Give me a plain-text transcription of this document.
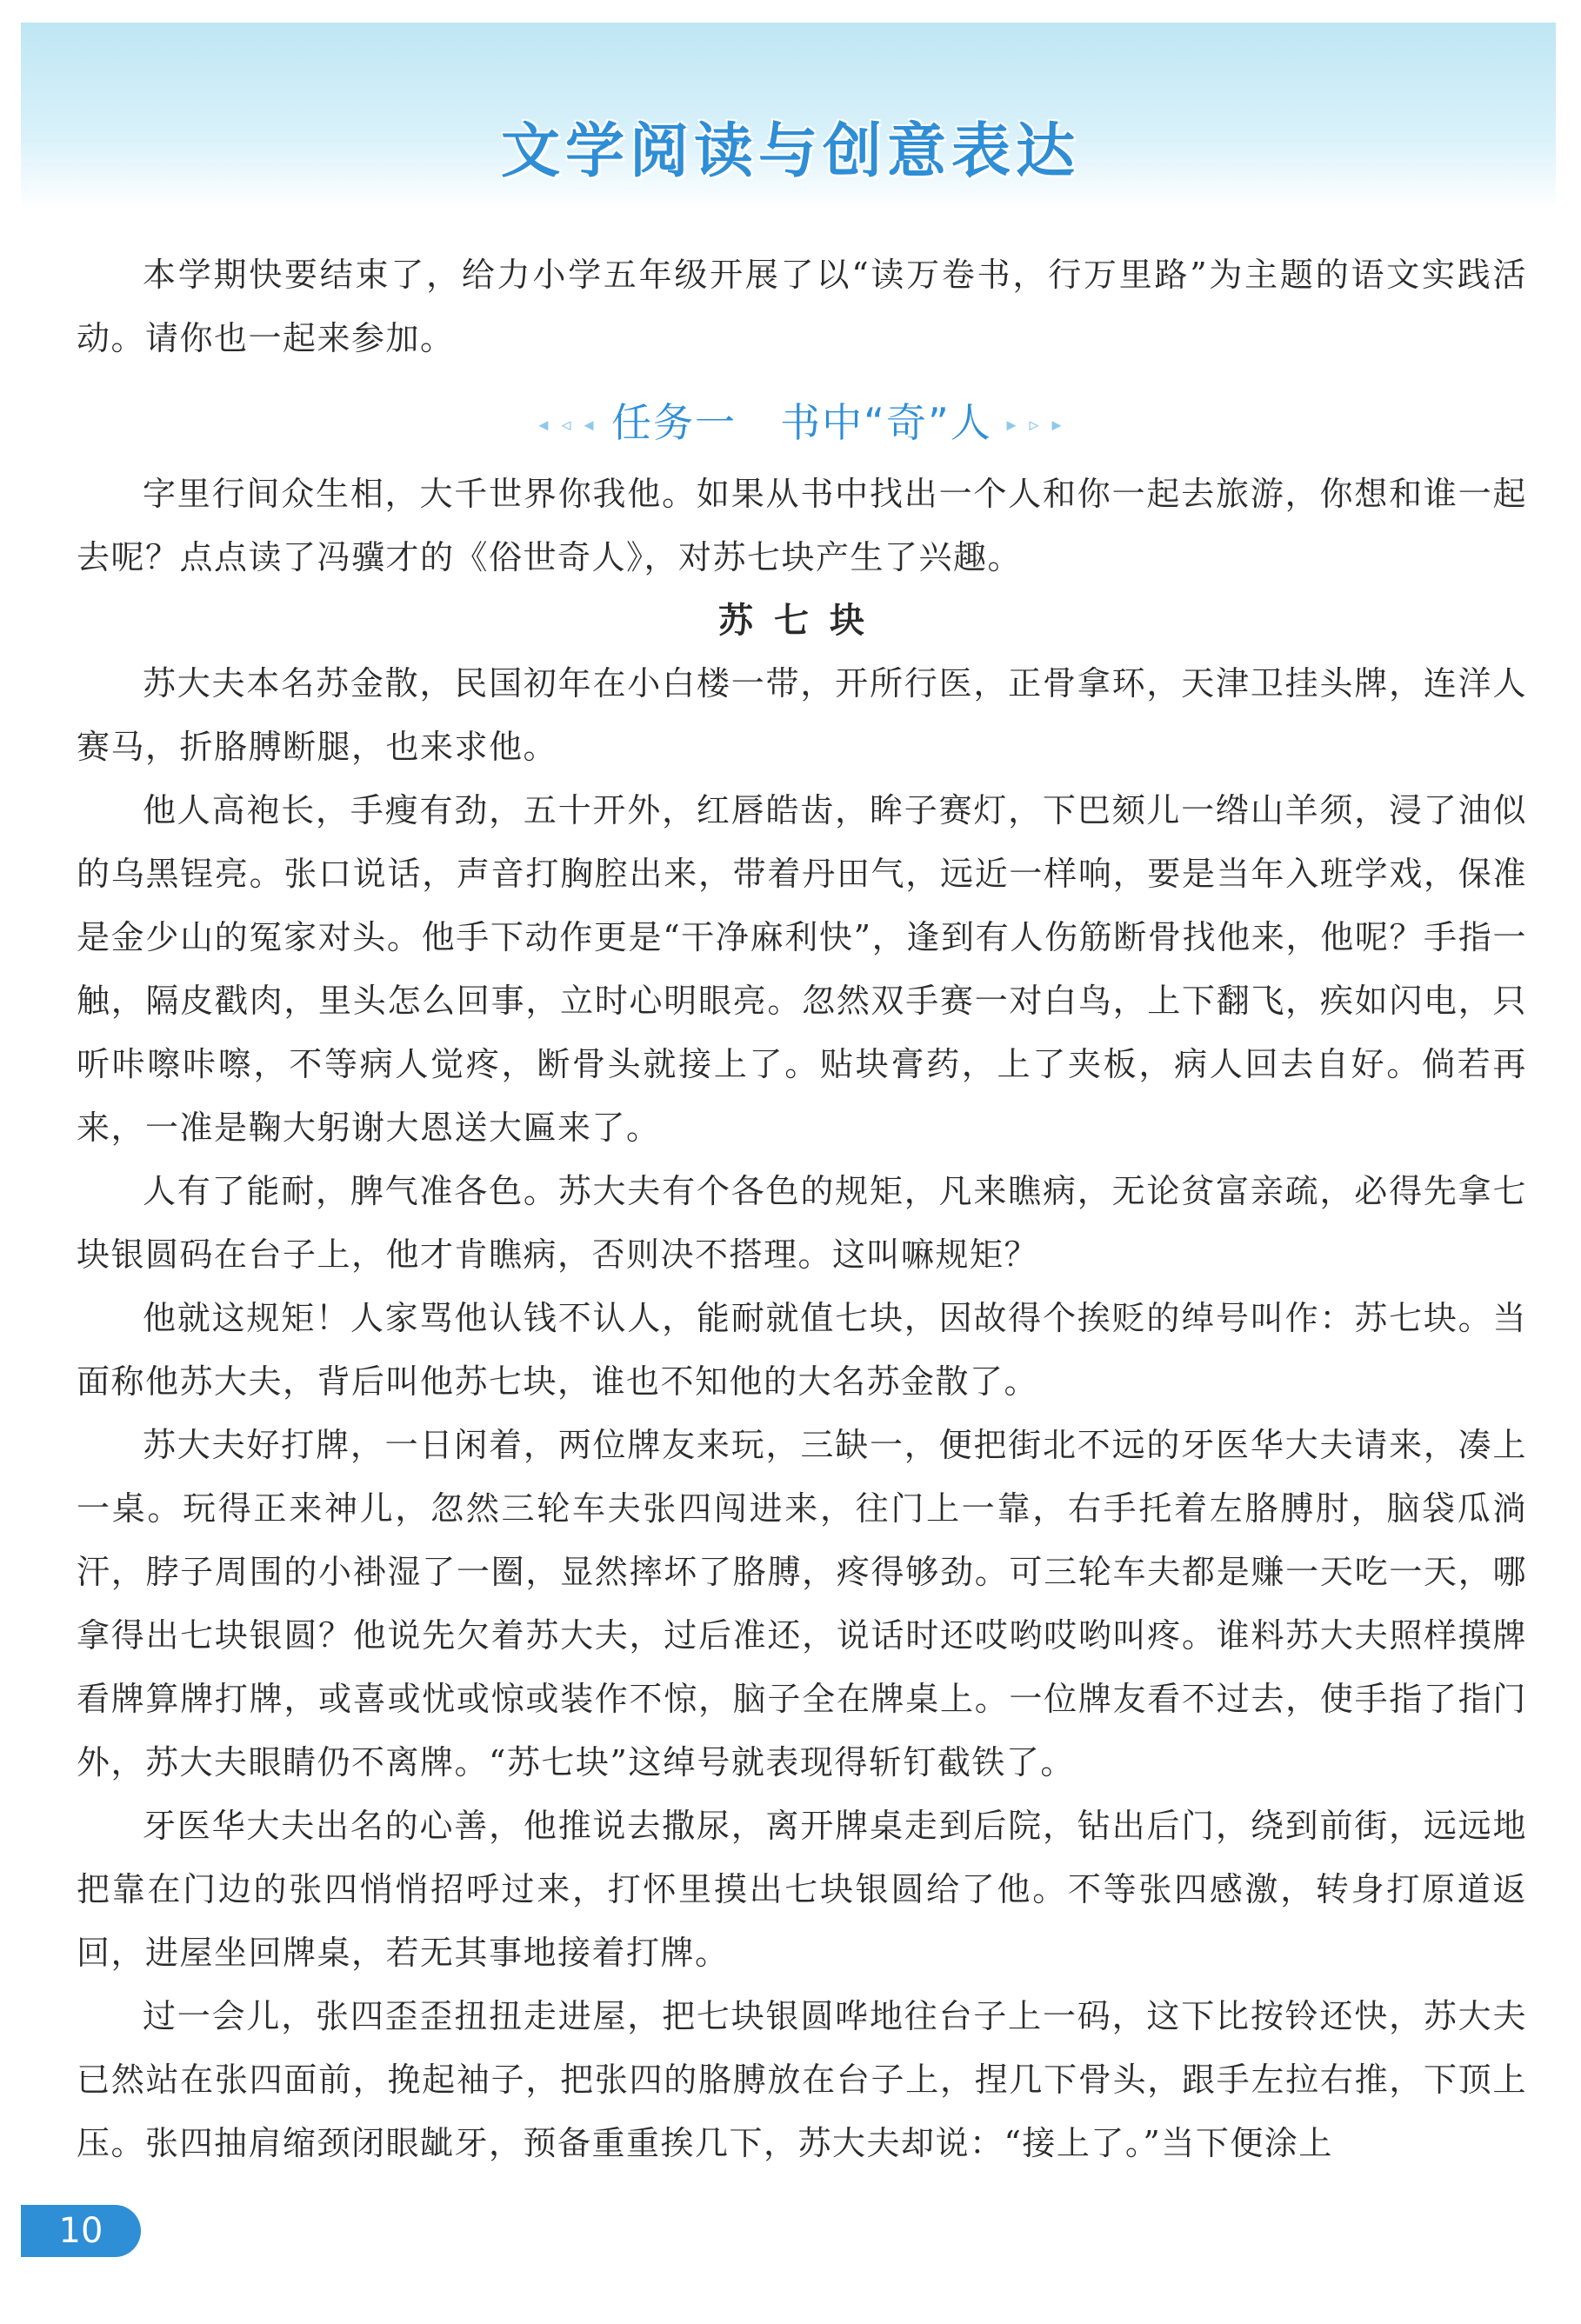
文学阅读与创意表达

本学期快要结束了，给力小学五年级开展了以“读万卷书，行万里路”为主题的语文实践活动。请你也一起来参加。

◂ ◃ ◂ 任务一 书中“奇”人 ▸ ▹ ▸

字里行间众生相，大千世界你我他。如果从书中找出一个人和你一起去旅游，你想和谁一起去呢？点点读了冯骥才的《俗世奇人》，对苏七块产生了兴趣。

苏七块

苏大夫本名苏金散，民国初年在小白楼一带，开所行医，正骨拿环，天津卫挂头牌，连洋人赛马，折胳膊断腿，也来求他。

他人高袍长，手瘦有劲，五十开外，红唇皓齿，眸子赛灯，下巴颏儿一绺山羊须，浸了油似的乌黑锃亮。张口说话，声音打胸腔出来，带着丹田气，远近一样响，要是当年入班学戏，保准是金少山的冤家对头。他手下动作更是“干净麻利快”，逢到有人伤筋断骨找他来，他呢？手指一触，隔皮戳肉，里头怎么回事，立时心明眼亮。忽然双手赛一对白鸟，上下翻飞，疾如闪电，只听咔嚓咔嚓，不等病人觉疼，断骨头就接上了。贴块膏药，上了夹板，病人回去自好。倘若再来，一准是鞠大躬谢大恩送大匾来了。

人有了能耐，脾气准各色。苏大夫有个各色的规矩，凡来瞧病，无论贫富亲疏，必得先拿七块银圆码在台子上，他才肯瞧病，否则决不搭理。这叫嘛规矩？

他就这规矩！人家骂他认钱不认人，能耐就值七块，因故得个挨贬的绰号叫作：苏七块。当面称他苏大夫，背后叫他苏七块，谁也不知他的大名苏金散了。

苏大夫好打牌，一日闲着，两位牌友来玩，三缺一，便把街北不远的牙医华大夫请来，凑上一桌。玩得正来神儿，忽然三轮车夫张四闯进来，往门上一靠，右手托着左胳膊肘，脑袋瓜淌汗，脖子周围的小褂湿了一圈，显然摔坏了胳膊，疼得够劲。可三轮车夫都是赚一天吃一天，哪拿得出七块银圆？他说先欠着苏大夫，过后准还，说话时还哎哟哎哟叫疼。谁料苏大夫照样摸牌看牌算牌打牌，或喜或忧或惊或装作不惊，脑子全在牌桌上。一位牌友看不过去，使手指了指门外，苏大夫眼睛仍不离牌。“苏七块”这绰号就表现得斩钉截铁了。

牙医华大夫出名的心善，他推说去撒尿，离开牌桌走到后院，钻出后门，绕到前街，远远地把靠在门边的张四悄悄招呼过来，打怀里摸出七块银圆给了他。不等张四感激，转身打原道返回，进屋坐回牌桌，若无其事地接着打牌。

过一会儿，张四歪歪扭扭走进屋，把七块银圆哗地往台子上一码，这下比按铃还快，苏大夫已然站在张四面前，挽起袖子，把张四的胳膊放在台子上，捏几下骨头，跟手左拉右推，下顶上压。张四抽肩缩颈闭眼龇牙，预备重重挨几下，苏大夫却说：“接上了。”当下便涂上

10
